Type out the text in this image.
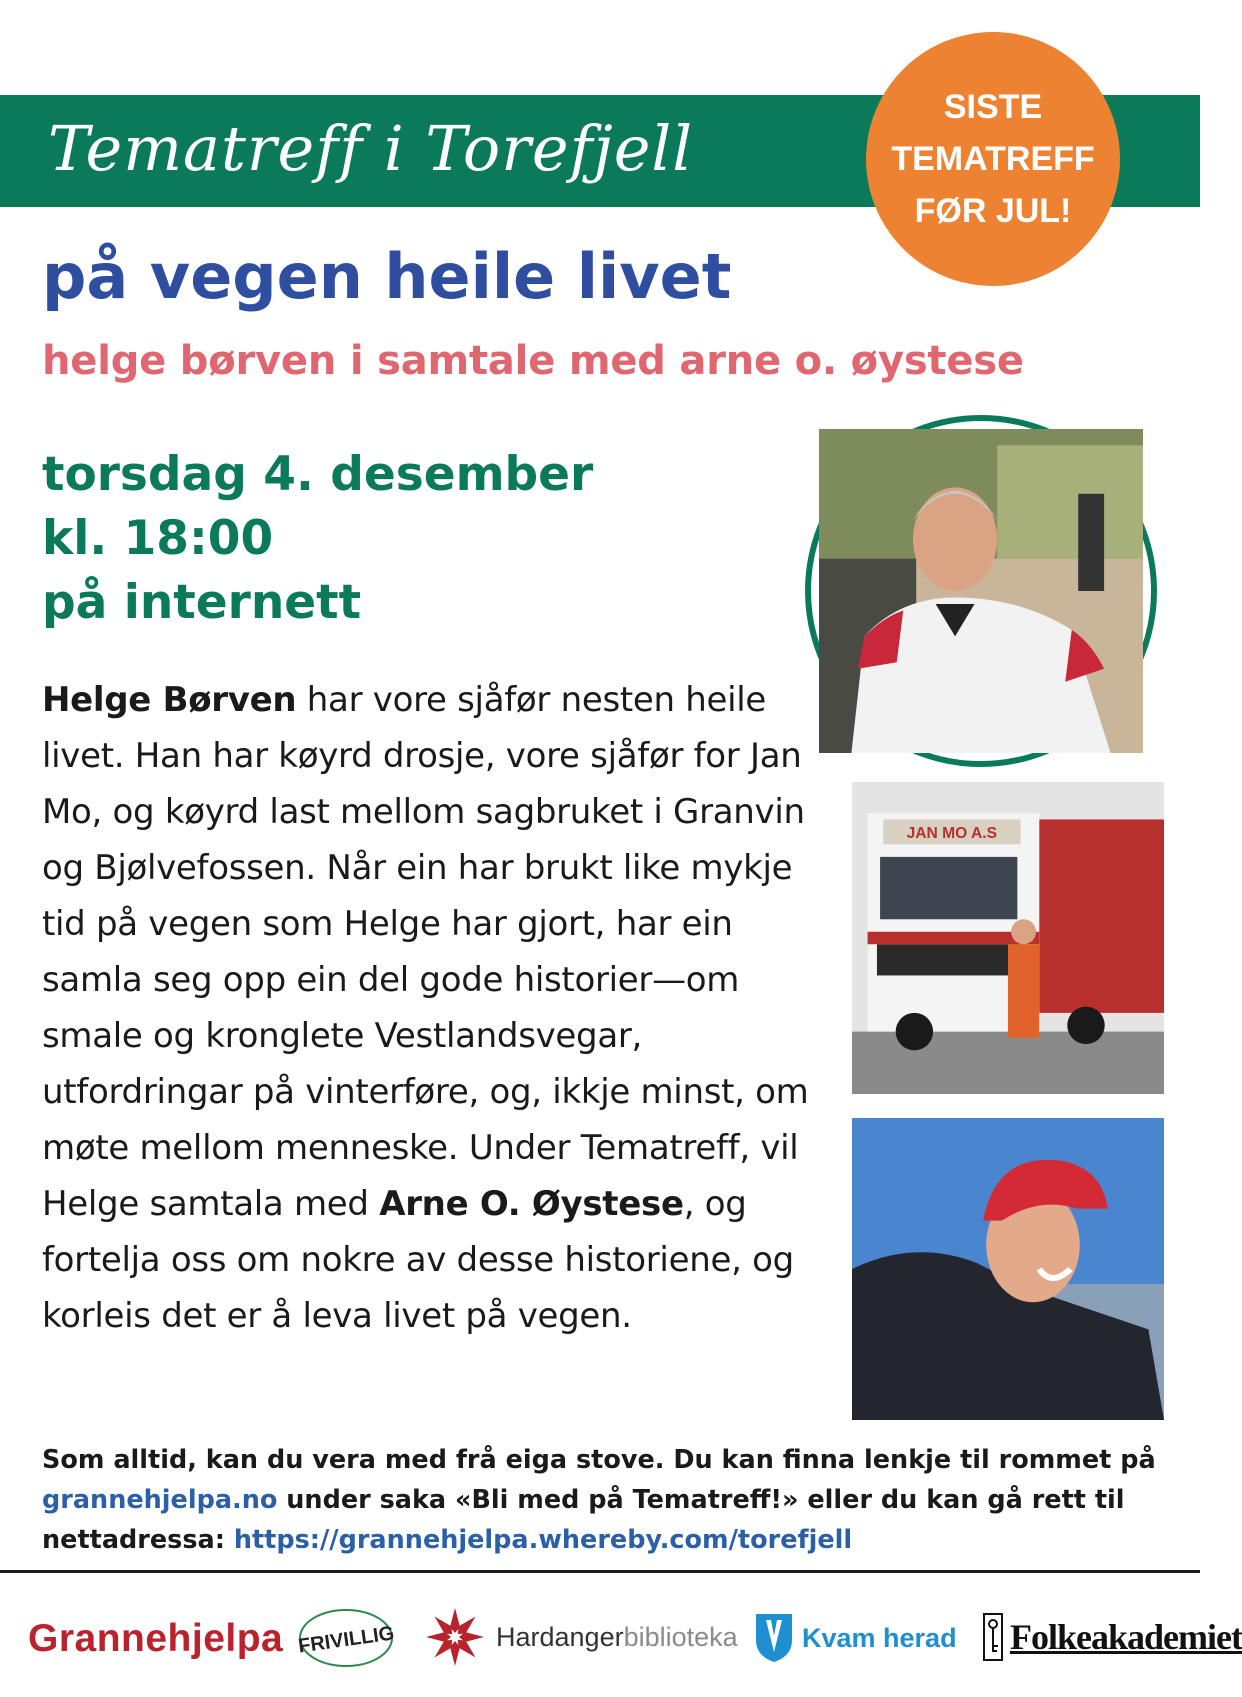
Tematreff i Torefjell
SISTE
TEMATREFF
FØR JUL!
på vegen heile livet
helge børven i samtale med arne o. øystese
torsdag 4. desember
kl. 18:00
på internett
Helge Børven har vore sjåfør nesten heile livet. Han har køyrd drosje, vore sjåfør for Jan Mo, og køyrd last mellom sagbruket i Granvin og Bjølvefossen. Når ein har brukt like mykje tid på vegen som Helge har gjort, har ein samla seg opp ein del gode historier—om smale og kronglete Vestlandsvegar, utfordringar på vinterføre, og, ikkje minst, om møte mellom menneske. Under Tematreff, vil Helge samtala med Arne O. Øystese, og fortelja oss om nokre av desse historiene, og korleis det er å leva livet på vegen.
JAN MO A.S
Som alltid, kan du vera med frå eiga stove. Du kan finna lenkje til rommet på grannehjelpa.no under saka «Bli med på Tematreff!» eller du kan gå rett til nettadressa: https://grannehjelpa.whereby.com/torefjell
Grannehjelpa FRIVILLIG	Hardangerbiblioteka Kvam herad Folkeakademiet
